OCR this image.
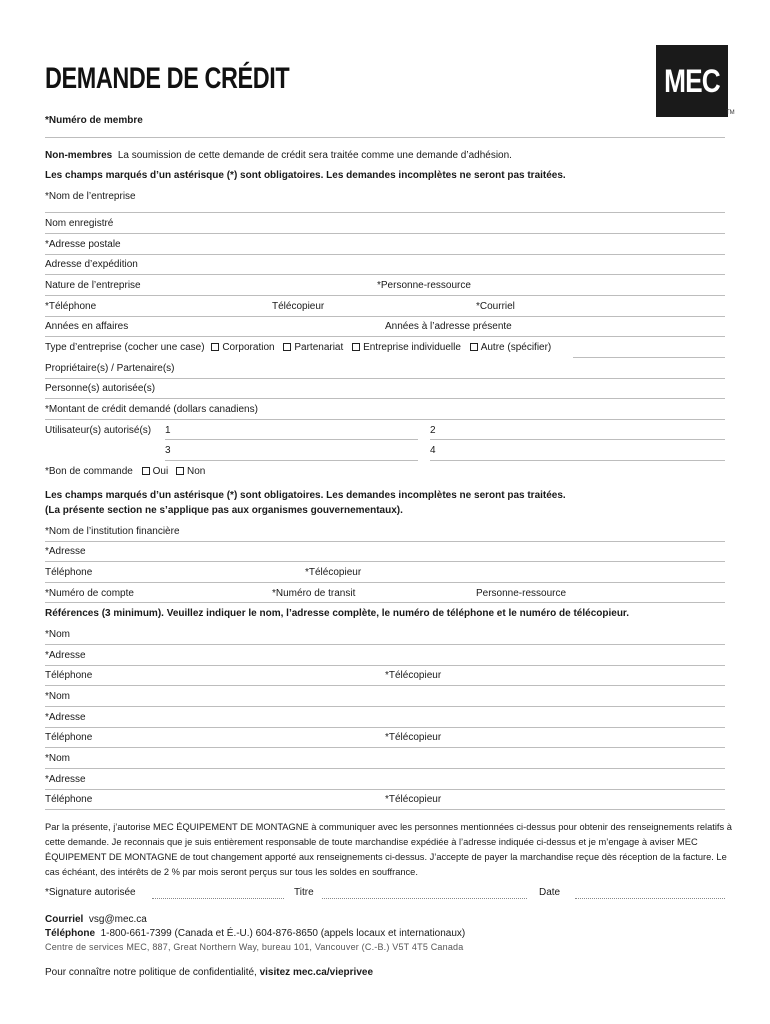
DEMANDE DE CRÉDIT	MEC
TM
*Numéro de membre
Non-membres La soumission de cette demande de crédit sera traitée comme une demande d’adhésion.
Les champs marqués d’un astérisque (*) sont obligatoires. Les demandes incomplètes ne seront pas traitées.
*Nom de l’entreprise
Nom enregistré
*Adresse postale
Adresse d’expédition
Nature de l’entreprise	*Personne-ressource
*Téléphone	Télécopieur	*Courriel
Années en affaires	Années à l’adresse présente
Type d’entreprise (cocher une case) Corporation Partenariat Entreprise individuelle Autre (spécifier)
Propriétaire(s) / Partenaire(s)
Personne(s) autorisée(s)
*Montant de crédit demandé (dollars canadiens)
Utilisateur(s) autorisé(s) 1	2
3	4
*Bon de commande Oui Non
Les champs marqués d’un astérisque (*) sont obligatoires. Les demandes incomplètes ne seront pas traitées.
(La présente section ne s’applique pas aux organismes gouvernementaux).
*Nom de l’institution financière
*Adresse
Téléphone	*Télécopieur
*Numéro de compte	*Numéro de transit	Personne-ressource
Références (3 minimum). Veuillez indiquer le nom, l’adresse complète, le numéro de téléphone et le numéro de télécopieur.
*Nom
*Adresse
Téléphone	*Télécopieur
*Nom
*Adresse
Téléphone	*Télécopieur
*Nom
*Adresse
Téléphone	*Télécopieur
Par la présente, j’autorise MEC ÉQUIPEMENT DE MONTAGNE à communiquer avec les personnes mentionnées ci-dessus pour obtenir des renseignements relatifs à cette demande. Je reconnais que je suis entièrement responsable de toute marchandise expédiée à l’adresse indiquée ci-dessus et je m’engage à aviser MEC ÉQUIPEMENT DE MONTAGNE de tout changement apporté aux renseignements ci-dessus. J’accepte de payer la marchandise reçue dès réception de la facture. Le cas échéant, des intérêts de 2 % par mois seront perçus sur tous les soldes en souffrance.
*Signature autorisée	Titre	Date
Courriel vsg@mec.ca
Téléphone 1-800-661-7399 (Canada et É.-U.) 604-876-8650 (appels locaux et internationaux)
Centre de services MEC, 887, Great Northern Way, bureau 101, Vancouver (C.-B.) V5T 4T5 Canada
Pour connaître notre politique de confidentialité, visitez mec.ca/vieprivee
